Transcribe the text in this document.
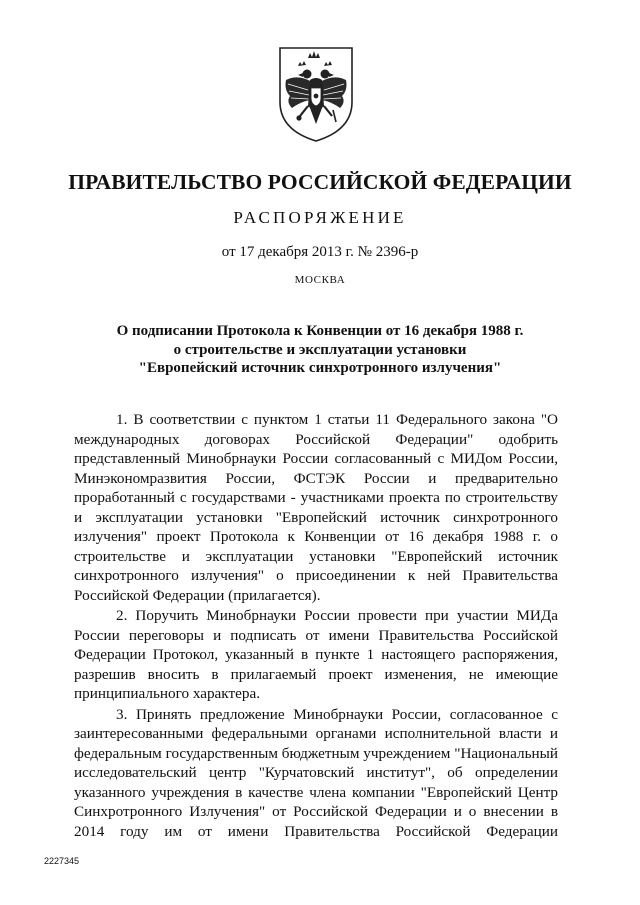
ПРАВИТЕЛЬСТВО РОССИЙСКОЙ ФЕДЕРАЦИИ
РАСПОРЯЖЕНИЕ
от 17 декабря 2013 г. № 2396-р
МОСКВА
О подписании Протокола к Конвенции от 16 декабря 1988 г.
о строительстве и эксплуатации установки
"Европейский источник синхротронного излучения"

1. В соответствии с пунктом 1 статьи 11 Федерального закона "О международных договорах Российской Федерации" одобрить представленный Минобрнауки России согласованный с МИДом России, Минэкономразвития России, ФСТЭК России и предварительно проработанный с государствами - участниками проекта по строительству и эксплуатации установки "Европейский источник синхротронного излучения" проект Протокола к Конвенции от 16 декабря 1988 г. о строительстве и эксплуатации установки "Европейский источник синхротронного излучения" о присоединении к ней Правительства Российской Федерации (прилагается).

2. Поручить Минобрнауки России провести при участии МИДа России переговоры и подписать от имени Правительства Российской Федерации Протокол, указанный в пункте 1 настоящего распоряжения, разрешив вносить в прилагаемый проект изменения, не имеющие принципиального характера.

3. Принять предложение Минобрнауки России, согласованное с заинтересованными федеральными органами исполнительной власти и федеральным государственным бюджетным учреждением "Национальный исследовательский центр "Курчатовский институт", об определении указанного учреждения в качестве члена компании "Европейский Центр Синхротронного Излучения" от Российской Федерации и о внесении в 2014 году им от имени Правительства Российской Федерации

2227345
